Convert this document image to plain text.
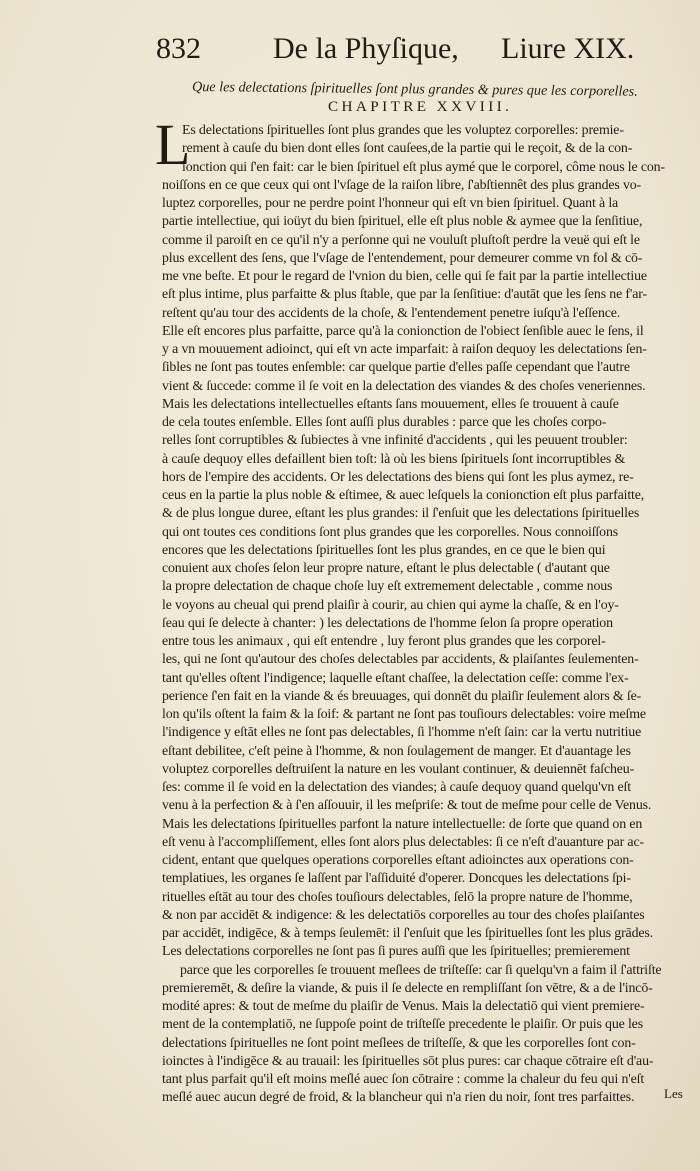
832 De la Phyſique, Liure XIX.
Que les delectations ſpirituelles ſont plus grandes & pures que les corporelles.
CHAPITRE XXVIII.
L
Es delectations ſpirituelles ſont plus grandes que les voluptez corporelles: premie-
rement à cauſe du bien dont elles ſont cauſees,de la partie qui le reçoit, & de la con-
ionction qui ſ'en fait: car le bien ſpirituel eſt plus aymé que le corporel, côme nous le con-
noiſſons en ce que ceux qui ont l'vſage de la raiſon libre, ſ'abſtiennêt des plus grandes vo-
luptez corporelles, pour ne perdre point l'honneur qui eſt vn bien ſpirituel. Quant à la
partie intellectiue, qui ioüyt du bien ſpirituel, elle eſt plus noble & aymee que la ſenſitiue,
comme il paroiſt en ce qu'il n'y a perſonne qui ne vouluſt pluſtoſt perdre la veuë qui eſt le
plus excellent des ſens, que l'vſage de l'entendement, pour demeurer comme vn fol & cō-
me vne beſte. Et pour le regard de l'vnion du bien, celle qui ſe fait par la partie intellectiue
eſt plus intime, plus parfaitte & plus ſtable, que par la ſenſitiue: d'autāt que les ſens ne f'ar-
reſtent qu'au tour des accidents de la choſe, & l'entendement penetre iuſqu'à l'eſſence.
Elle eſt encores plus parfaitte, parce qu'à la conionction de l'obiect ſenſible auec le ſens, il
y a vn mouuement adioinct, qui eſt vn acte imparfait: à raiſon dequoy les delectations ſen-
ſibles ne ſont pas toutes enſemble: car quelque partie d'elles paſſe cependant que l'autre
vient & ſuccede: comme il ſe voit en la delectation des viandes & des choſes veneriennes.
Mais les delectations intellectuelles eſtants ſans mouuement, elles ſe trouuent à cauſe
de cela toutes enſemble. Elles ſont auſſi plus durables : parce que les choſes corpo-
relles ſont corruptibles & ſubiectes à vne infinité d'accidents , qui les peuuent troubler:
à cauſe dequoy elles defaillent bien toſt: là où les biens ſpirituels ſont incorruptibles &
hors de l'empire des accidents. Or les delectations des biens qui ſont les plus aymez, re-
ceus en la partie la plus noble & eſtimee, & auec leſquels la conionction eſt plus parfaitte,
& de plus longue duree, eſtant les plus grandes: il ſ'enſuit que les delectations ſpirituelles
qui ont toutes ces conditions ſont plus grandes que les corporelles. Nous connoiſſons
encores que les delectations ſpirituelles ſont les plus grandes, en ce que le bien qui
conuient aux choſes ſelon leur propre nature, eſtant le plus delectable ( d'autant que
la propre delectation de chaque choſe luy eſt extremement delectable , comme nous
le voyons au cheual qui prend plaiſir à courir, au chien qui ayme la chaſſe, & en l'oy-
ſeau qui ſe delecte à chanter: ) les delectations de l'homme ſelon ſa propre operation
entre tous les animaux , qui eſt entendre , luy feront plus grandes que les corporel-
les, qui ne ſont qu'autour des choſes delectables par accidents, & plaiſantes ſeulementen-
tant qu'elles oſtent l'indigence; laquelle eſtant chaſſee, la delectation ceſſe: comme l'ex-
perience ſ'en fait en la viande & és breuuages, qui donnēt du plaiſir ſeulement alors & ſe-
lon qu'ils oſtent la faim & la ſoif: & partant ne ſont pas touſiours delectables: voire meſme
l'indigence y eſtāt elles ne ſont pas delectables, ſi l'homme n'eſt ſain: car la vertu nutritiue
eſtant debilitee, c'eſt peine à l'homme, & non ſoulagement de manger. Et d'auantage les
voluptez corporelles deſtruiſent la nature en les voulant continuer, & deuiennēt faſcheu-
ſes: comme il ſe void en la delectation des viandes; à cauſe dequoy quand quelqu'vn eſt
venu à la perfection & à ſ'en aſſouuir, il les meſpriſe: & tout de meſme pour celle de Venus.
Mais les delectations ſpirituelles parfont la nature intellectuelle: de ſorte que quand on en
eſt venu à l'accompliſſement, elles ſont alors plus delectables: ſi ce n'eſt d'auanture par ac-
cident, entant que quelques operations corporelles eſtant adioinctes aux operations con-
templatiues, les organes ſe laſſent par l'aſſiduité d'operer. Doncques les delectations ſpi-
rituelles eſtāt au tour des choſes touſiours delectables, ſelō la propre nature de l'homme,
& non par accidēt & indigence: & les delectatiōs corporelles au tour des choſes plaiſantes
par accidēt, indigēce, & à temps ſeulemēt: il ſ'enſuit que les ſpirituelles ſont les plus grādes.
Les delectations corporelles ne ſont pas ſi pures auſſi que les ſpirituelles; premierement
parce que les corporelles ſe trouuent meſlees de triſteſſe: car ſi quelqu'vn a faim il ſ'attriſte
premieremēt, & deſire la viande, & puis il ſe delecte en rempliſſant ſon vētre, & a de l'incō-
modité apres: & tout de meſme du plaiſir de Venus. Mais la delectatiō qui vient premiere-
ment de la contemplatiō, ne ſuppoſe point de triſteſſe precedente le plaiſir. Or puis que les
delectations ſpirituelles ne ſont point meſlees de triſteſſe, & que les corporelles ſont con-
ioinctes à l'indigēce & au trauail: les ſpirituelles sōt plus pures: car chaque cōtraire eſt d'au-
tant plus parfait qu'il eſt moins meſlé auec ſon cōtraire : comme la chaleur du feu qui n'eſt
meſlé auec aucun degré de froid, & la blancheur qui n'a rien du noir, ſont tres parfaittes.	Les
